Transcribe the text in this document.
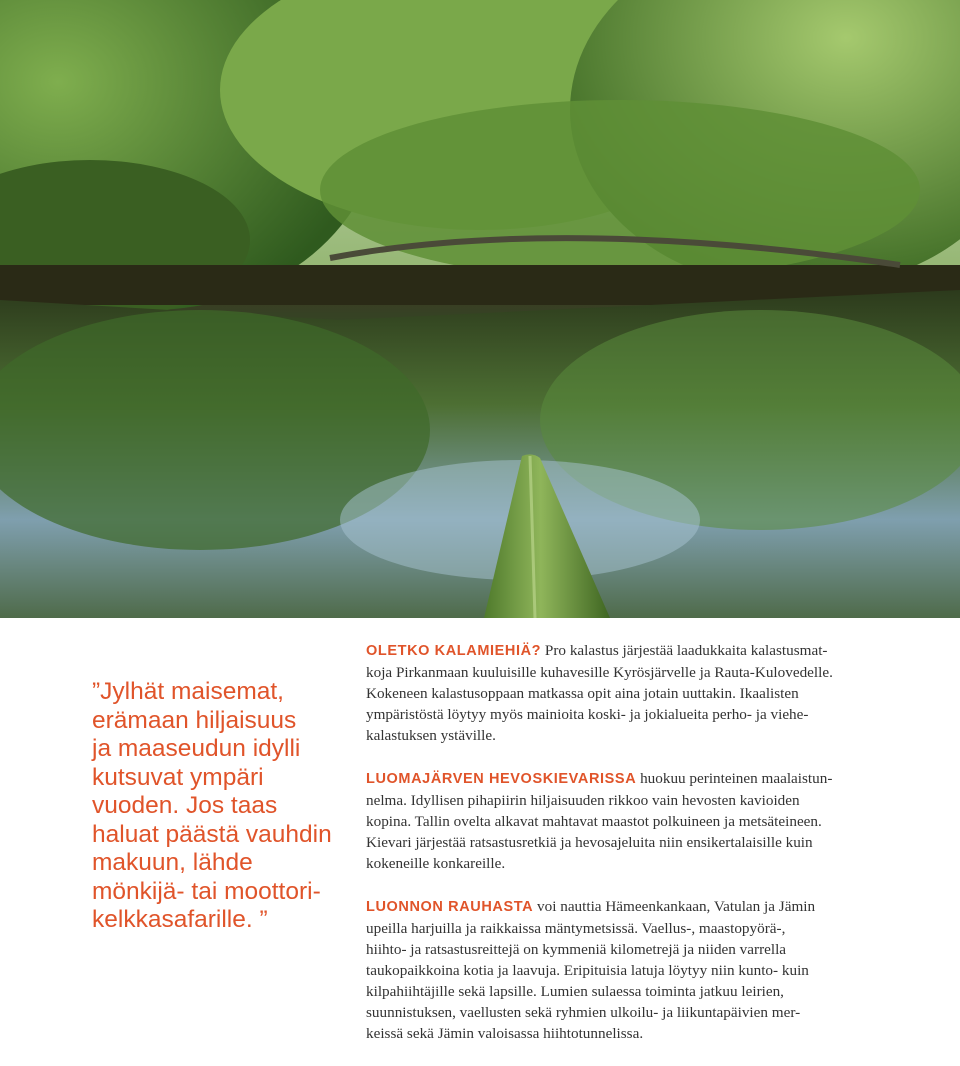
”Jylhät maisemat,
erämaan hiljaisuus
ja maaseudun idylli
kutsuvat ympäri
vuoden. Jos taas
haluat päästä vauhdin
makuun, lähde
mönkijä- tai moottori-
kelkkasafarille. ”

OLETKO KALAMIEHIÄ? Pro kalastus järjestää laadukkaita kalastusmat-
koja Pirkanmaan kuuluisille kuhavesille Kyrösjärvelle ja Rauta-Kulovedelle.
Kokeneen kalastusoppaan matkassa opit aina jotain uuttakin. Ikaalisten
ympäristöstä löytyy myös mainioita koski- ja jokialueita perho- ja viehe-
kalastuksen ystäville.

LUOMAJÄRVEN HEVOSKIEVARISSA huokuu perinteinen maalaistun-
nelma. Idyllisen pihapiirin hiljaisuuden rikkoo vain hevosten kavioiden
kopina. Tallin ovelta alkavat mahtavat maastot polkuineen ja metsäteineen.
Kievari järjestää ratsastusretkiä ja hevosajeluita niin ensikertalaisille kuin
kokeneille konkareille.

LUONNON RAUHASTA voi nauttia Hämeenkankaan, Vatulan ja Jämin
upeilla harjuilla ja raikkaissa mäntymetsissä. Vaellus-, maastopyörä-,
hiihto- ja ratsastusreittejä on kymmeniä kilometrejä ja niiden varrella
taukopaikkoina kotia ja laavuja. Eripituisia latuja löytyy niin kunto- kuin
kilpahiihtäjille sekä lapsille. Lumien sulaessa toiminta jatkuu leirien,
suunnistuksen, vaellusten sekä ryhmien ulkoilu- ja liikuntapäivien mer-
keissä sekä Jämin valoisassa hiihtotunnelissa.
